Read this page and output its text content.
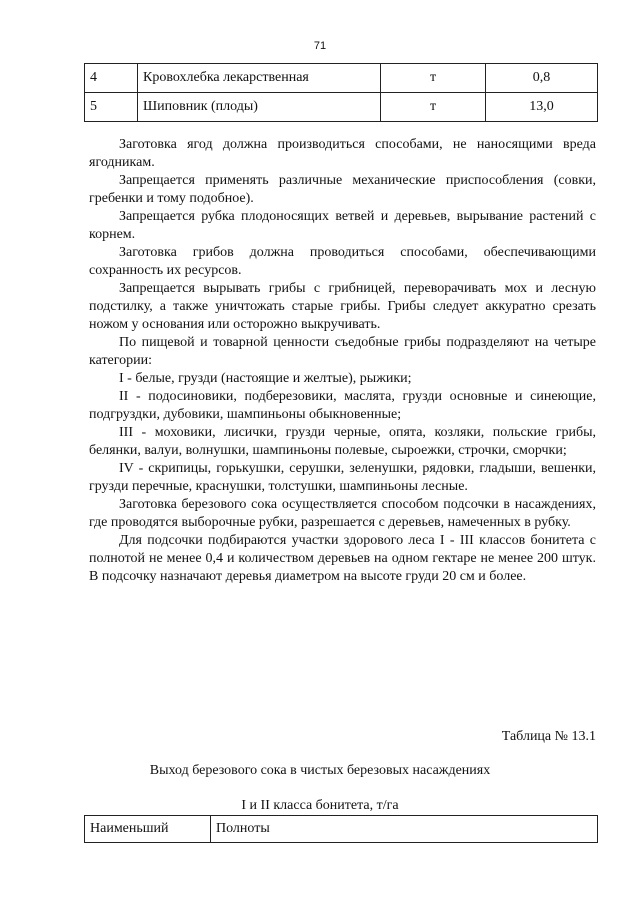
71
4	Кровохлебка лекарственная	т	0,8
5	Шиповник (плоды)	т	13,0

Заготовка ягод должна производиться способами, не наносящими вреда ягодникам.

Запрещается применять различные механические приспособления (совки, гребенки и тому подобное).

Запрещается рубка плодоносящих ветвей и деревьев, вырывание растений с корнем.

Заготовка грибов должна проводиться способами, обеспечивающими сохранность их ресурсов.

Запрещается вырывать грибы с грибницей, переворачивать мох и лесную подстилку, а также уничтожать старые грибы. Грибы следует аккуратно срезать ножом у основания или осторожно выкручивать.

По пищевой и товарной ценности съедобные грибы подразделяют на четыре категории:

I - белые, грузди (настоящие и желтые), рыжики;

II - подосиновики, подберезовики, маслята, грузди основные и синеющие, подгруздки, дубовики, шампиньоны обыкновенные;

III - моховики, лисички, грузди черные, опята, козляки, польские грибы, белянки, валуи, волнушки, шампиньоны полевые, сыроежки, строчки, сморчки;

IV - скрипицы, горькушки, серушки, зеленушки, рядовки, гладыши, вешенки, грузди перечные, краснушки, толстушки, шампиньоны лесные.

Заготовка березового сока осуществляется способом подсочки в насаждениях, где проводятся выборочные рубки, разрешается с деревьев, намеченных в рубку.

Для подсочки подбираются участки здорового леса I - III классов бонитета с полнотой не менее 0,4 и количеством деревьев на одном гектаре не менее 200 штук. В подсочку назначают деревья диаметром на высоте груди 20 см и более.

Таблица № 13.1
Выход березового сока в чистых березовых насаждениях
I и II класса бонитета, т/га
Наименьший	Полноты
